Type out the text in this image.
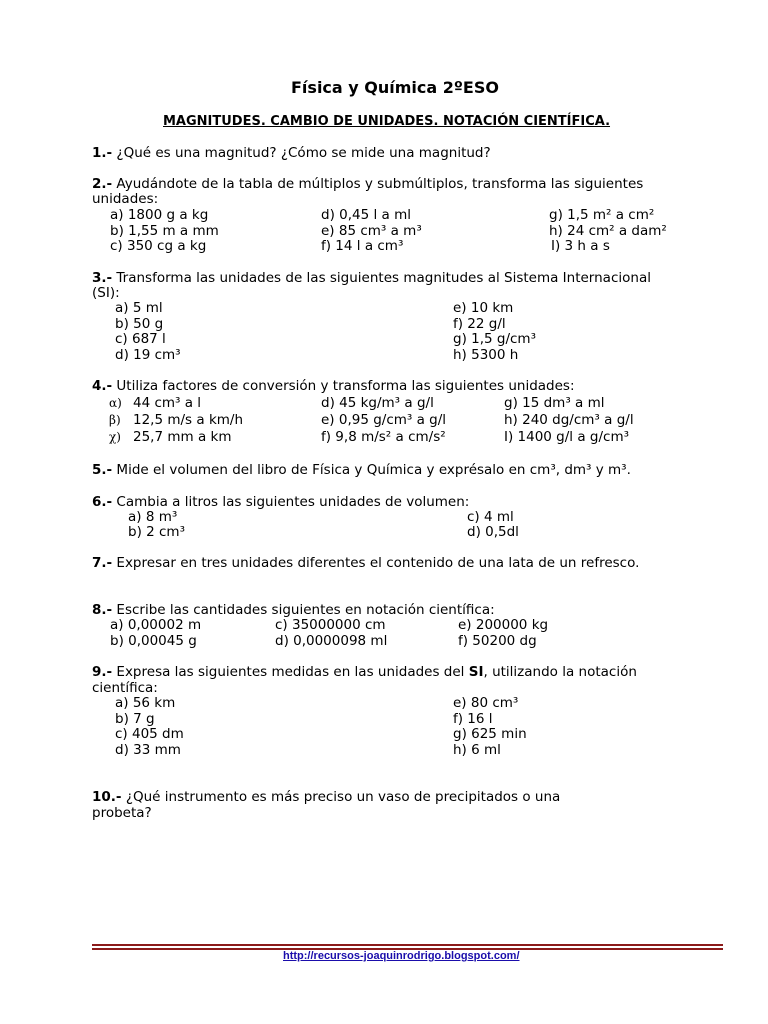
Física y Química 2ºESO
MAGNITUDES. CAMBIO DE UNIDADES. NOTACIÓN CIENTÍFICA.
1.- ¿Qué es una magnitud? ¿Cómo se mide una magnitud?
2.- Ayudándote de la tabla de múltiplos y submúltiplos, transforma las siguientes
unidades:
a) 1800 g a kg
b) 1,55 m a mm
c) 350 cg a kg
d) 0,45 l a ml
e) 85 cm³ a m³
f) 14 l a cm³
g) 1,5 m² a cm²
h) 24 cm² a dam²
I) 3 h a s
3.- Transforma las unidades de las siguientes magnitudes al Sistema Internacional
(SI):
a) 5 ml
b) 50 g
c) 687 l
d) 19 cm³
e) 10 km
f) 22 g/l
g) 1,5 g/cm³
h) 5300 h
4.- Utiliza factores de conversión y transforma las siguientes unidades:
α)
β)
χ)
44 cm³ a l
12,5 m/s a km/h
25,7 mm a km
d) 45 kg/m³ a g/l
e) 0,95 g/cm³ a g/l
f) 9,8 m/s² a cm/s²
g) 15 dm³ a ml
h) 240 dg/cm³ a g/l
I) 1400 g/l a g/cm³
5.- Mide el volumen del libro de Física y Química y exprésalo en cm³, dm³ y m³.
6.- Cambia a litros las siguientes unidades de volumen:
a) 8 m³
b) 2 cm³
c) 4 ml
d) 0,5dl
7.- Expresar en tres unidades diferentes el contenido de una lata de un refresco.
8.- Escribe las cantidades siguientes en notación científica:
a) 0,00002 m
b) 0,00045 g
c) 35000000 cm
d) 0,0000098 ml
e) 200000 kg
f) 50200 dg
9.- Expresa las siguientes medidas en las unidades del SI, utilizando la notación
científica:
a) 56 km
b) 7 g
c) 405 dm
d) 33 mm
e) 80 cm³
f) 16 l
g) 625 min
h) 6 ml
10.- ¿Qué instrumento es más preciso un vaso de precipitados o una
probeta?
http://recursos-joaquinrodrigo.blogspot.com/
